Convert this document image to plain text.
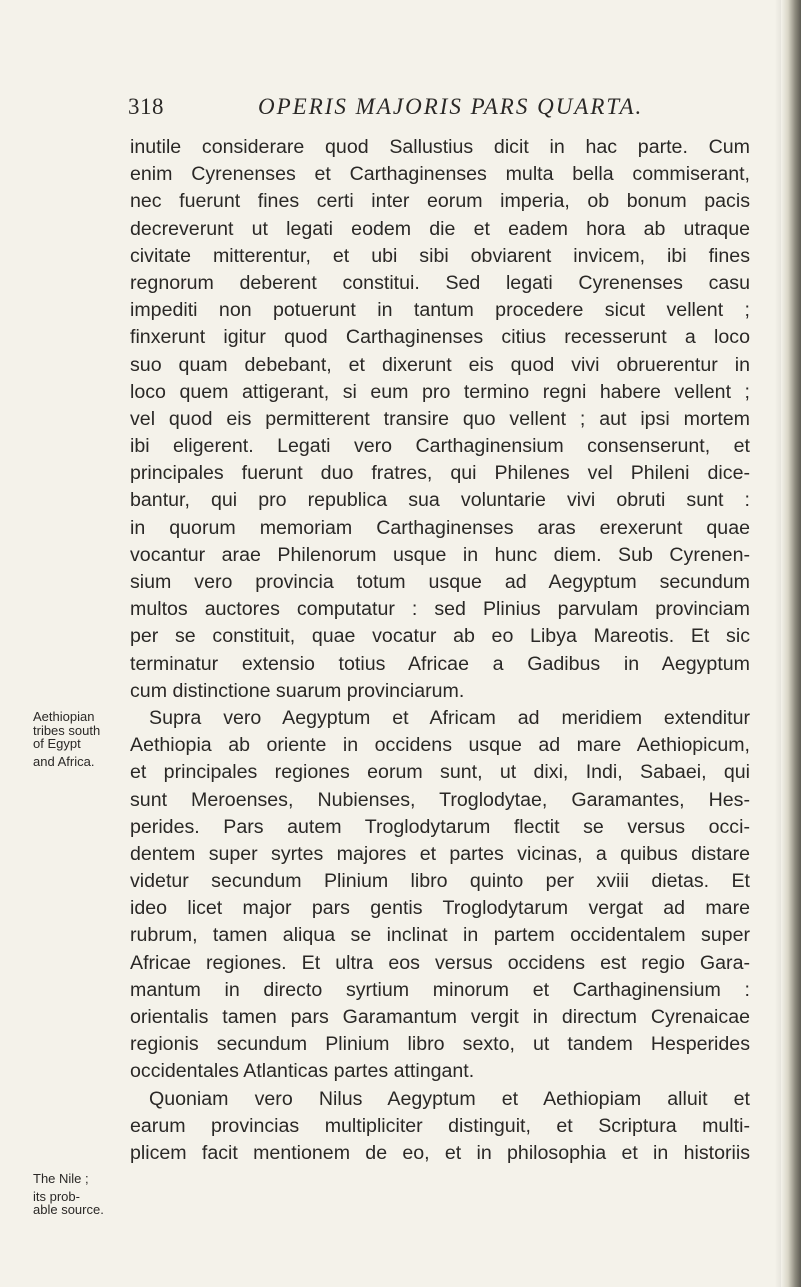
318	OPERIS MAJORIS PARS QUARTA.
inutile considerare quod Sallustius dicit in hac parte. Cum
enim Cyrenenses et Carthaginenses multa bella commiserant,
nec fuerunt fines certi inter eorum imperia, ob bonum pacis
decreverunt ut legati eodem die et eadem hora ab utraque
civitate mitterentur, et ubi sibi obviarent invicem, ibi fines
regnorum deberent constitui. Sed legati Cyrenenses casu
impediti non potuerunt in tantum procedere sicut vellent ;
finxerunt igitur quod Carthaginenses citius recesserunt a loco
suo quam debebant, et dixerunt eis quod vivi obruerentur in
loco quem attigerant, si eum pro termino regni habere vellent ;
vel quod eis permitterent transire quo vellent ; aut ipsi mortem
ibi eligerent. Legati vero Carthaginensium consenserunt, et
principales fuerunt duo fratres, qui Philenes vel Phileni dice-
bantur, qui pro republica sua voluntarie vivi obruti sunt :
in quorum memoriam Carthaginenses aras erexerunt quae
vocantur arae Philenorum usque in hunc diem. Sub Cyrenen-
sium vero provincia totum usque ad Aegyptum secundum
multos auctores computatur : sed Plinius parvulam provinciam
per se constituit, quae vocatur ab eo Libya Mareotis. Et sic
terminatur extensio totius Africae a Gadibus in Aegyptum
cum distinctione suarum provinciarum.
Supra vero Aegyptum et Africam ad meridiem extenditur
Aethiopia ab oriente in occidens usque ad mare Aethiopicum,
et principales regiones eorum sunt, ut dixi, Indi, Sabaei, qui
sunt Meroenses, Nubienses, Troglodytae, Garamantes, Hes-
perides. Pars autem Troglodytarum flectit se versus occi-
dentem super syrtes majores et partes vicinas, a quibus distare
videtur secundum Plinium libro quinto per xviii dietas. Et
ideo licet major pars gentis Troglodytarum vergat ad mare
rubrum, tamen aliqua se inclinat in partem occidentalem super
Africae regiones. Et ultra eos versus occidens est regio Gara-
mantum in directo syrtium minorum et Carthaginensium :
orientalis tamen pars Garamantum vergit in directum Cyrenaicae
regionis secundum Plinium libro sexto, ut tandem Hesperides
occidentales Atlanticas partes attingant.
Quoniam vero Nilus Aegyptum et Aethiopiam alluit et
earum provincias multipliciter distinguit, et Scriptura multi-
plicem facit mentionem de eo, et in philosophia et in historiis
Aethiopian
tribes south
of Egypt
and Africa.
The Nile ;
its prob-
able source.
